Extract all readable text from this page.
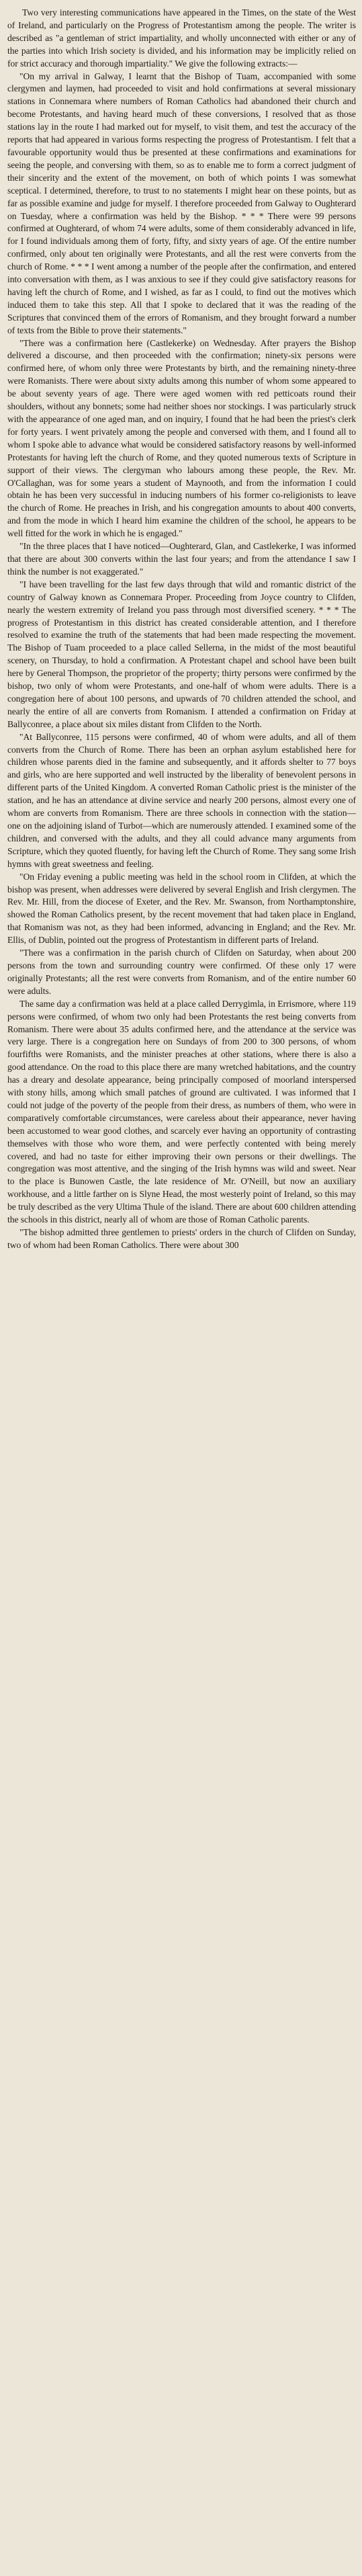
Two very interesting communications have appeared in the Times, on the state of the West of Ireland, and particularly on the Progress of Protestantism among the people. The writer is described as "a gentleman of strict impartiality, and wholly unconnected with either or any of the parties into which Irish society is divided, and his information may be implicitly relied on for strict accuracy and thorough impartiality." We give the following extracts:—

"On my arrival in Galway, I learnt that the Bishop of Tuam, accompanied with some clergymen and laymen, had proceeded to visit and hold confirmations at several missionary stations in Connemara where numbers of Roman Catholics had abandoned their church and become Protestants, and having heard much of these conversions, I resolved that as those stations lay in the route I had marked out for myself, to visit them, and test the accuracy of the reports that had appeared in various forms respecting the progress of Protestantism. I felt that a favourable opportunity would thus be presented at these confirmations and examinations for seeing the people, and conversing with them, so as to enable me to form a correct judgment of their sincerity and the extent of the movement, on both of which points I was somewhat sceptical. I determined, therefore, to trust to no statements I might hear on these points, but as far as possible examine and judge for myself. I therefore proceeded from Galway to Oughterard on Tuesday, where a confirmation was held by the Bishop. * * * There were 99 persons confirmed at Oughterard, of whom 74 were adults, some of them considerably advanced in life, for I found individuals among them of forty, fifty, and sixty years of age. Of the entire number confirmed, only about ten originally were Protestants, and all the rest were converts from the church of Rome. * * * I went among a number of the people after the confirmation, and entered into conversation with them, as I was anxious to see if they could give satisfactory reasons for having left the church of Rome, and I wished, as far as I could, to find out the motives which induced them to take this step. All that I spoke to declared that it was the reading of the Scriptures that convinced them of the errors of Romanism, and they brought forward a number of texts from the Bible to prove their statements."

"There was a confirmation here (Castlekerke) on Wednesday. After prayers the Bishop delivered a discourse, and then proceeded with the confirmation; ninety-six persons were confirmed here, of whom only three were Protestants by birth, and the remaining ninety-three were Romanists. There were about sixty adults among this number of whom some appeared to be about seventy years of age. There were aged women with red petticoats round their shoulders, without any bonnets; some had neither shoes nor stockings. I was particularly struck with the appearance of one aged man, and on inquiry, I found that he had been the priest's clerk for forty years. I went privately among the people and conversed with them, and I found all to whom I spoke able to advance what would be considered satisfactory reasons by well-informed Protestants for having left the church of Rome, and they quoted numerous texts of Scripture in support of their views. The clergyman who labours among these people, the Rev. Mr. O'Callaghan, was for some years a student of Maynooth, and from the information I could obtain he has been very successful in inducing numbers of his former co-religionists to leave the church of Rome. He preaches in Irish, and his congregation amounts to about 400 converts, and from the mode in which I heard him examine the children of the school, he appears to be well fitted for the work in which he is engaged."

"In the three places that I have noticed—Oughterard, Glan, and Castlekerke, I was informed that there are about 300 converts within the last four years; and from the attendance I saw I think the number is not exaggerated."

"I have been travelling for the last few days through that wild and romantic district of the country of Galway known as Connemara Proper. Proceeding from Joyce country to Clifden, nearly the western extremity of Ireland you pass through most diversified scenery. * * * The progress of Protestantism in this district has created considerable attention, and I therefore resolved to examine the truth of the statements that had been made respecting the movement. The Bishop of Tuam proceeded to a place called Sellerna, in the midst of the most beautiful scenery, on Thursday, to hold a confirmation. A Protestant chapel and school have been built here by General Thompson, the proprietor of the property; thirty persons were confirmed by the bishop, two only of whom were Protestants, and one-half of whom were adults. There is a congregation here of about 100 persons, and upwards of 70 children attended the school, and nearly the entire of all are converts from Romanism. I attended a confirmation on Friday at Ballyconree, a place about six miles distant from Clifden to the North.

"At Ballyconree, 115 persons were confirmed, 40 of whom were adults, and all of them converts from the Church of Rome. There has been an orphan asylum established here for children whose parents died in the famine and subsequently, and it affords shelter to 77 boys and girls, who are here supported and well instructed by the liberality of benevolent persons in different parts of the United Kingdom. A converted Roman Catholic priest is the minister of the station, and he has an attendance at divine service and nearly 200 persons, almost every one of whom are converts from Romanism. There are three schools in connection with the station—one on the adjoining island of Turbot—which are numerously attended. I examined some of the children, and conversed with the adults, and they all could advance many arguments from Scripture, which they quoted fluently, for having left the Church of Rome. They sang some Irish hymns with great sweetness and feeling.

"On Friday evening a public meeting was held in the school room in Clifden, at which the bishop was present, when addresses were delivered by several English and Irish clergymen. The Rev. Mr. Hill, from the diocese of Exeter, and the Rev. Mr. Swanson, from Northamptonshire, showed the Roman Catholics present, by the recent movement that had taken place in England, that Romanism was not, as they had been informed, advancing in England; and the Rev. Mr. Ellis, of Dublin, pointed out the progress of Protestantism in different parts of Ireland.

"There was a confirmation in the parish church of Clifden on Saturday, when about 200 persons from the town and surrounding country were confirmed. Of these only 17 were originally Protestants; all the rest were converts from Romanism, and of the entire number 60 were adults.

The same day a confirmation was held at a place called Derrygimla, in Errismore, where 119 persons were confirmed, of whom two only had been Protestants the rest being converts from Romanism. There were about 35 adults confirmed here, and the attendance at the service was very large. There is a congregation here on Sundays of from 200 to 300 persons, of whom fourfifths were Romanists, and the minister preaches at other stations, where there is also a good attendance. On the road to this place there are many wretched habitations, and the country has a dreary and desolate appearance, being principally composed of moorland interspersed with stony hills, among which small patches of ground are cultivated. I was informed that I could not judge of the poverty of the people from their dress, as numbers of them, who were in comparatively comfortable circumstances, were careless about their appearance, never having been accustomed to wear good clothes, and scarcely ever having an opportunity of contrasting themselves with those who wore them, and were perfectly contented with being merely covered, and had no taste for either improving their own persons or their dwellings. The congregation was most attentive, and the singing of the Irish hymns was wild and sweet. Near to the place is Bunowen Castle, the late residence of Mr. O'Neill, but now an auxiliary workhouse, and a little farther on is Slyne Head, the most westerly point of Ireland, so this may be truly described as the very Ultima Thule of the island. There are about 600 children attending the schools in this district, nearly all of whom are those of Roman Catholic parents.

"The bishop admitted three gentlemen to priests' orders in the church of Clifden on Sunday, two of whom had been Roman Catholics. There were about 300
